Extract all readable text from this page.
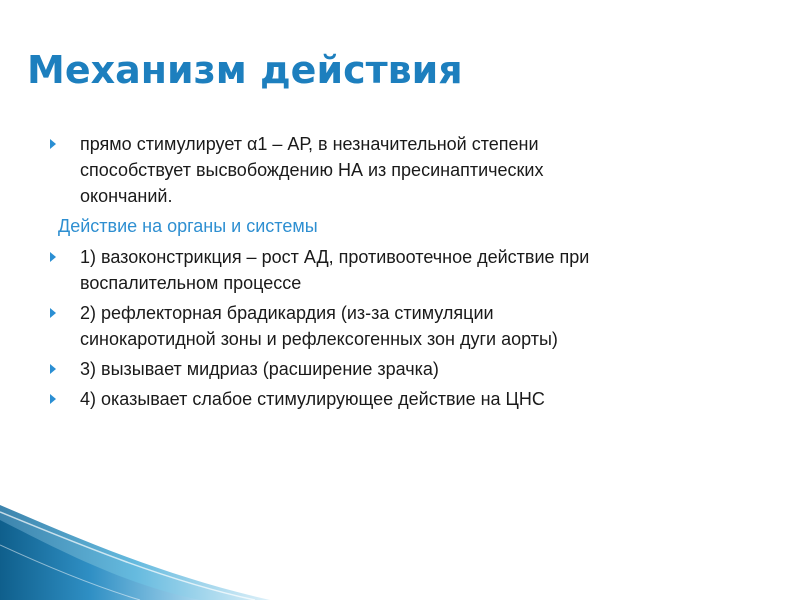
Механизм действия
прямо стимулирует α1 – АР, в незначительной степени
способствует высвобождению НА из пресинаптических
окончаний.
Действие на органы и системы
1) вазоконстрикция – рост АД, противоотечное действие при
воспалительном процессе
2) рефлекторная брадикардия (из-за стимуляции
синокаротидной зоны и рефлексогенных зон дуги аорты)
3) вызывает мидриаз (расширение зрачка)
4) оказывает слабое стимулирующее действие на ЦНС
